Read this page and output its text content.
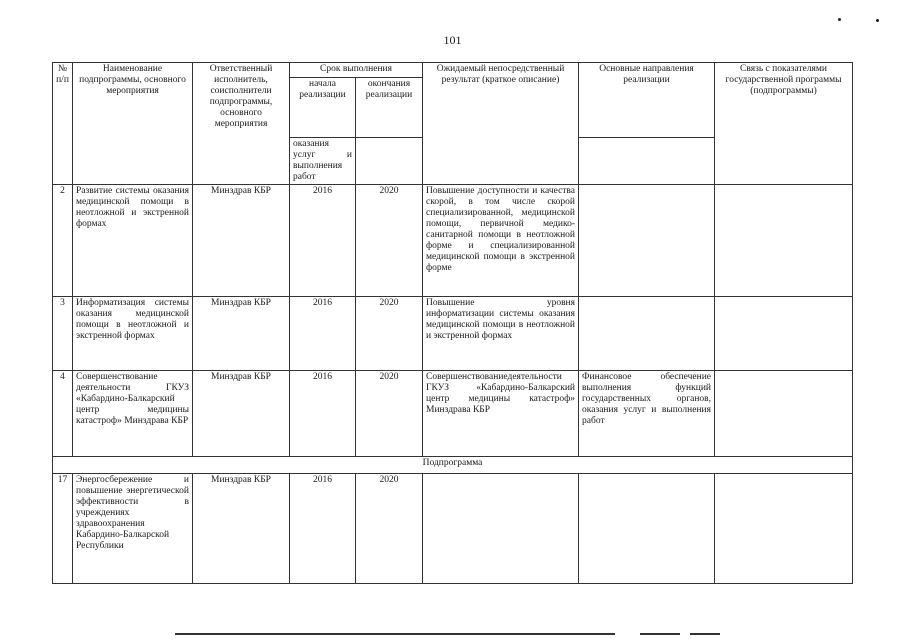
101
№ п/п	Наименование подпрограммы, основного мероприятия	Ответственный исполнитель, соисполнители подпрограммы, основного мероприятия	Срок выполнения		Ожидаемый непосредственный результат (краткое описание)	Основные направления реализации	Связь с показателями государственной программы (подпрограммы)
			начала реализации	окончания реализации			
			оказания услуг и выполнения работ				
2	Развитие системы оказания медицинской помощи в неотложной и экстренной формах	Минздрав КБР	2016	2020	Повышение доступности и качества скорой, в том числе скорой специализированной, медицинской помощи, первичной медико-санитарной помощи в неотложной форме и специализированной медицинской помощи в экстренной форме		
3	Информатизация системы оказания медицинской помощи в неотложной и экстренной формах	Минздрав КБР	2016	2020	Повышение уровня информатизации системы оказания медицинской помощи в неотложной и экстренной формах		
4	Совершенствование деятельности ГКУЗ «Кабардино-Балкарский центр медицины катастроф» Минздрава КБР	Минздрав КБР	2016	2020	Совершенствованиедеятельности ГКУЗ «Кабардино-Балкарский центр медицины катастроф» Минздрава КБР	Финансовое обеспечение выполнения функций государственных органов, оказания услуг и выполнения работ	
Подпрограмма							
17	Энергосбережение и повышение энергетической эффективности в учреждениях здравоохранения Кабардино-Балкарской Республики	Минздрав КБР	2016	2020			
